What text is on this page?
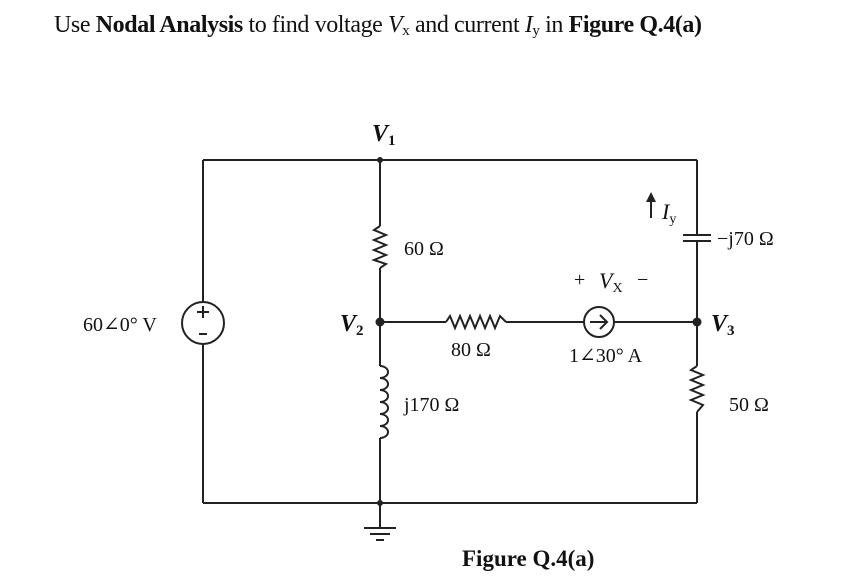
Use Nodal Analysis to find voltage $V_x$ and current $I_y$ in Figure Q.4(a)
60∠0° V
60 Ω
80 Ω
j170 Ω
−j70 Ω
Iy
+ VX −
1∠30° A
50 Ω
V1
V2	V3
Figure Q.4(a)
